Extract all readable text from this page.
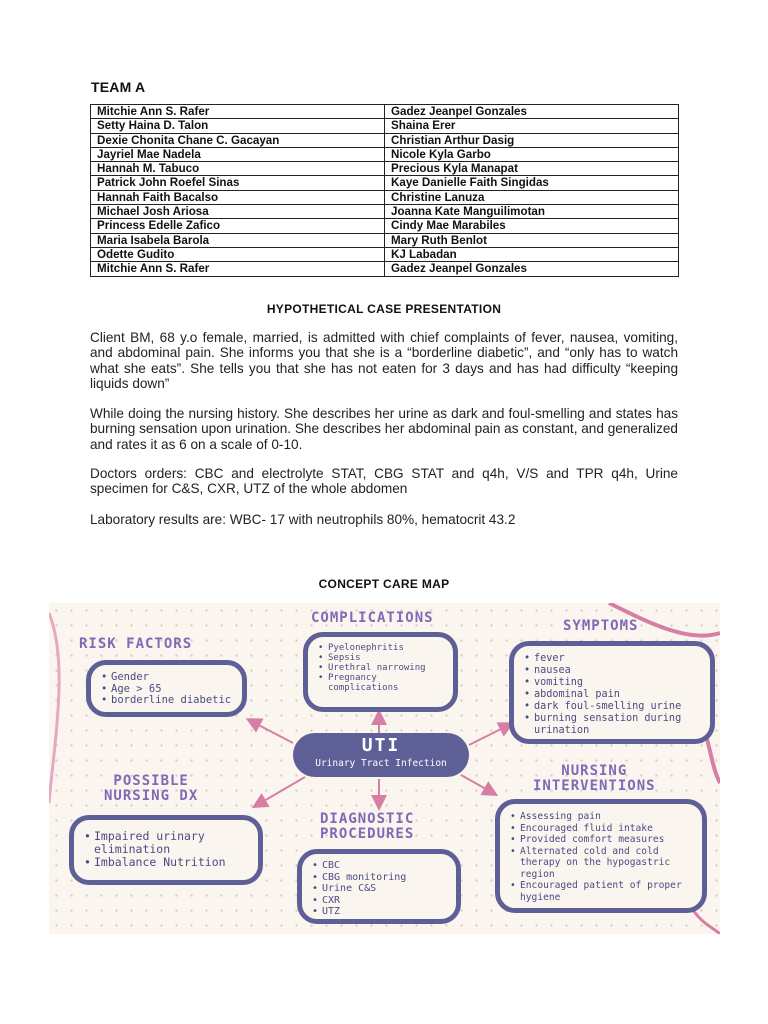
TEAM A
Mitchie Ann S. Rafer	Gadez Jeanpel Gonzales
Setty Haina D. Talon	Shaina Erer
Dexie Chonita Chane C. Gacayan	Christian Arthur Dasig
Jayriel Mae Nadela	Nicole Kyla Garbo
Hannah M. Tabuco	Precious Kyla Manapat
Patrick John Roefel Sinas	Kaye Danielle Faith Singidas
Hannah Faith Bacalso	Christine Lanuza
Michael Josh Ariosa	Joanna Kate Manguilimotan
Princess Edelle Zafico	Cindy Mae Marabiles
Maria Isabela Barola	Mary Ruth Benlot
Odette Gudito	KJ Labadan
Mitchie Ann S. Rafer	Gadez Jeanpel Gonzales
HYPOTHETICAL CASE PRESENTATION

Client BM, 68 y.o female, married, is admitted with chief complaints of fever, nausea, vomiting, and abdominal pain. She informs you that she is a “borderline diabetic”, and “only has to watch what she eats”. She tells you that she has not eaten for 3 days and has had difficulty “keeping liquids down”

While doing the nursing history. She describes her urine as dark and foul-smelling and states has burning sensation upon urination. She describes her abdominal pain as constant, and generalized and rates it as 6 on a scale of 0-10.

Doctors orders: CBC and electrolyte STAT, CBG STAT and q4h, V/S and TPR q4h, Urine specimen for C&S, CXR, UTZ of the whole abdomen

Laboratory results are: WBC- 17 with neutrophils 80%, hematocrit 43.2

CONCEPT CARE MAP
RISK FACTORS
• Gender
• Age > 65
• borderline diabetic
COMPLICATIONS
• Pyelonephritis
• Sepsis
• Urethral narrowing
• Pregnancy complications
SYMPTOMS
• fever
• nausea
• vomiting
• abdominal pain
• dark foul-smelling urine
• burning sensation during urination
UTI
Urinary Tract Infection
POSSIBLE
NURSING DX
• Impaired urinary elimination
• Imbalance Nutrition
DIAGNOSTIC
PROCEDURES
• CBC
• CBG monitoring
• Urine C&S
• CXR
• UTZ
NURSING
INTERVENTIONS
• Assessing pain
• Encouraged fluid intake
• Provided comfort measures
• Alternated cold and cold therapy on the hypogastric region
• Encouraged patient of proper hygiene
